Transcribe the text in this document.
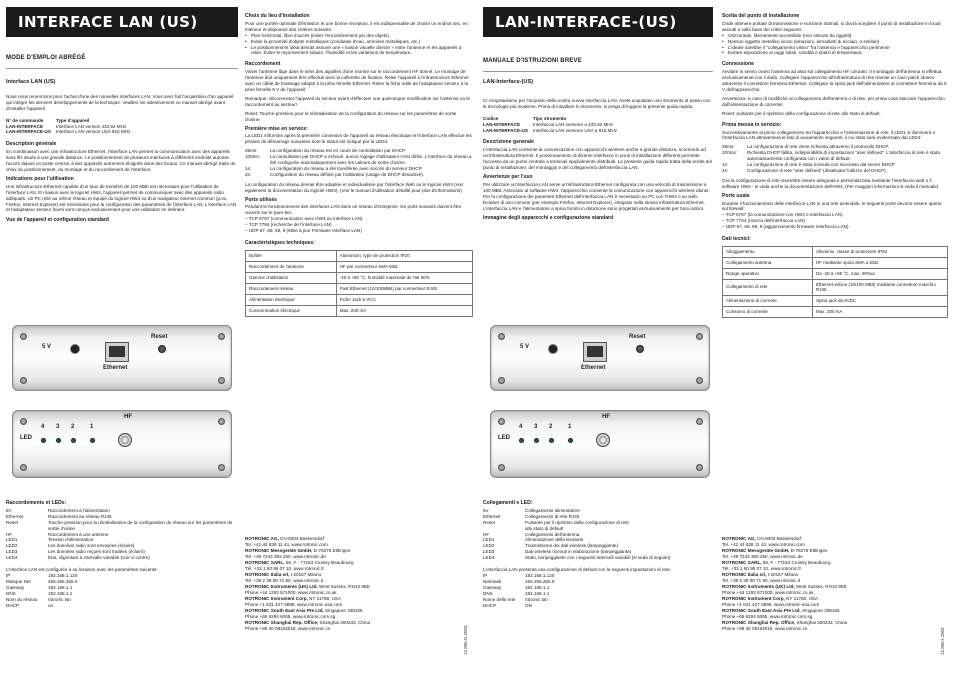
INTERFACE LAN (US)
MODE D'EMPLOI ABRÉGÉ
Interface LAN (US)

Nous nous remercions pour l'achat d'une des nouvelles interfaces LAN. Vous avez fait l'acquisition d'un appareil qui intègre les derniers développements de la technique. Veuillez lire attentivement ce manuel abrégé avant d'installer l'appareil.

N° de commande	Type d'appareil
LAN-INTERFACE	Interface LAN version 433,92 MHz
LAN-INTERFACE-US	Interface LAN version USA 915 MHz
Description générale

En combinaison avec une infrastructure Ethernet, l'interface LAN permet la communication avec des appareils sans fils situés à une grande distance. Le positionnement de plusieurs interfaces à différents endroits autorise l'accès depuis un poste central, à des appareils autrement éloignés dans des locaux. Ce manuel abrégé traite du choix du positionnement, du montage et du raccordement de l'interface.

Indications pour l'utilisation

Une infrastructure Ethernet capable d'un taux de transfert de 100 MBit est nécessaire pour l'utilisation de l'interface LAN. En liaison avec le logiciel HW4, l'appareil permet de communiquer avec des appareils radio adéquats. Un PC relié au même réseau et équipé du logiciel HW4 ou d'un navigateur Internet commun (p.ex. Firefox, Internet Explorer) est nécessaire pour la configuration des paramètres de l'interface LAN. L'interface LAN et l'adaptateur secteur fourni sont conçus exclusivement pour une utilisation en intérieur.

Vue de l'appareil et configuration standard
5 V
Ethernet
Reset
HF
4 3 2	1
LED
Raccordements et LEDs:
5V	Raccordement à l'alimentation
Ethernet	Raccordement au réseau RJ45
Reset	Touche-pression pour la réinitialisation de la configuration du réseau sur les paramètres de sortie d'usine
HF	Raccordement à une antenne
LED1	Tension d'alimentation
LED2	Les données radio sont envoyées (éclairs)
LED3	Les données radio reçues sont traitées (éclairs)
LED4	État, clignotant à intervalle variable (voir ci-contre)

L'interface LAN est configurée à sa livraison avec les paramètres suivants:

IP	192.168.1.120
Masque Net	255.255.255.0
Gateway	192.168.1.1
DNS	192.168.1.1
Nom du réseau	rotronic lan
DHCP	on
Choix du lieu d'installation

Pour une portée optimale d'émission et une bonne réception, il est indispensable de choisir un endroit sec, en intérieur et disposant des critères suivants:

• Plan horizontal, libre d'accès (éviter l'encombrement par des objets)
• Éviter la proximité d'objets métalliques (conduites d'eau, armoires métalliques, etc.)
• Le positionnement idéal devrait assurer une « liaison visuelle directe » entre l'antenne et les appareils à relier. Éviter le rayonnement solaire, l'humidité et les variations de température.
Raccordement

Visser l'antenne lâge dans le sens des aiguilles d'une montre sur le raccordement HF donné. Le montage de l'antenne doit uniquement être effectué avec la collerette de fixation. Relier l'appareil à l'infrastructure Ethernet avec un câble de brassage adapté à la prise femelle Ethernet. Relier la fiche mâle de l'adaptateur secteur à la prise femelle 5 V de l'appareil.

Remarque: déconnecter l'appareil du secteur avant d'effectuer une quelconque modification sur l'antenne ou le raccordement au secteur!

Reset: Touche-pression pour la réinitialisation de la configuration du réseau sur les paramètres de sortie d'usine.

Première mise en service:

La LED1 s'illumine après la première connexion de l'appareil au réseau électrique et l'interface LAN effectue les phases de démarrage suivantes dont le statut est indiqué par la LED4:

25ms:	La configuration du réseau est en cours de consultation par DHCP.
100ms:	La consultation par DHCP a échoué, aucun réglage d'utilisateur n'est défini. L'interface du réseau a été configurée automatiquement avec les valeurs de sortie d'usine.
1s:	La configuration du réseau a été transférée avec succès du serveur DHCP.
2s:	Configuration du réseau définie par l'utilisateur (usage de DHCP désactivé).

La configuration du réseau devrait être adaptée et individualisée par l'interface Web ou le logiciel HW4 (voir également la documentation du logiciel HW4). (Voir le manuel d'utilisation détaillé pour plus d'informations)

Ports utilisés

Pendant le fonctionnement des interfaces LAN dans un réseau d'entreprise, les ports suivants doivent être ouverts sur le pare-feu:

– TCP 6767 (communication avec HW4 ou interface LAN)
– TCP 7784 (recherche de l'interface LAN)
– UDP 67, 68, 69, 9 (Mise à jour Firmware Interface LAN)
Caractéristiques techniques:
Boîtier	Aluminium, type de protection IP20
Raccordement de l'antenne	HF par connecteur SMA 50Ω
Gamme d'utilisation	-20 à +85 °C, humidité maximale de l'air 90%
Raccordement réseau	Fast Ethernet (10/100MBit) par connecteur RJ45
Alimentation électrique	Fiche Jack 5 VCC
Consommation électrique	Max. 200 mA
ROTRONIC AG, CH-8303 Bassersdorf
Tel. +41 44 838 11 44, www.rotronic.com
ROTRONIC Messgeräte GmbH, D-76275 Ettlingen
Tel. +49 7243 383 250, www.rotronic.de
ROTRONIC SARL, 56, F - 77183 Croissy Beaubourg
Tél. +33 1 60 95 07 10, www.rotronic.fr
ROTRONIC Italia srl, I-20157 Milano
Tel. +39 2 39 00 71 90, www.rotronic.it
ROTRONIC Instruments (UK) Ltd, West Sussex, RH10 9EE
Phone +44 1293 571000, www.rotronic.co.uk
ROTRONIC Instrument Corp, NY 11788, USA
Phone +1 631 427-3898, www.rotronic-usa.com
ROTRONIC South East Asia Pte Ltd, Singapore 339156
Phone +65 6294 6065, www.rotronic.com.sg
ROTRONIC Shanghai Rep. Office, Shanghai 200233, China
Phone +86 40 08162018, www.rotronic.cn	12.800.D.2003
LAN-INTERFACE-(US)
MANUALE D'ISTRUZIONI BREVE
LAN-Interface-(US)

Ci congratuliamo per l'acquisto della vostra nuova interfaccia LAN. Avete acquistato uno strumento al passo con le tecnologie più moderne. Prima di installare lo strumento, si prega di leggere la presente guida rapida.

Codice	Tipo strumento
LAN-INTERFACE	Interfaccia LAN versione a 433,92 MHz
LAN-INTERFACE-US	Interfaccia LAN versione USA a 915 MHz
Descrizione generale

L'interfaccia LAN consente la comunicazione con apparecchi wireless anche a grande distanza, ricorrendo ad un'infrastruttura Ethernet. Il posizionamento di diverse interfacce in punti di installazione differenti permette l'accesso da un punto centrale a terminali spazialmente distribuiti. La presente guida rapida tratta della scelta del punto di installazione, del montaggio e del collegamento dell'interfaccia LAN.

Avvertenze per l'uso

Per utilizzare un'interfaccia LAN serve un'infrastruttura Ethernet configurata con una velocità di trasmissione a 100 MBit. Associato al software HW4, l'apparecchio consente la comunicazione con apparecchi wireless idonei. Per la configurazione dei parametri Ethernet dell'interfaccia LAN è necessario un PC con l'HW4 o un web-browser di uso comune (per esempio Firefox, Internet Explorer), integrato nella stessa infrastruttura Ethernet. L'interfaccia LAN e l'alimentatore a spina fornito in dotazione sono progettati esclusivamente per l'uso indoor.

Immagine degli apparecchi e configurazione standard
5 V
Ethernet
Reset
HF
4 3 2	1
LED
Collegamenti e LED:
5V	Collegamento alimentatore
Ethernet	Collegamento di rete RJ45
Reset	Pulsante per il ripristino della configurazione di rete allo stato di default
HF	Collegamento dell'antenna
LED1	Alimentazione della tensione
LED2	Trasmissione dei dati wireless (lampeggiante)
LED3	Dati wireless ricevuti in elaborazione (lampeggiante)
LED4	Stato, lampeggiante con i seguenti intervalli variabili (si veda di seguito)

L'interfaccia LAN presenta una configurazione di default con le seguenti impostazioni di rete:

IP	192.168.1.120
Netmask	255.255.255.0
Gateway	192.168.1.1
DNS	192.168.1.1
Nome della rete	rotronic lan
DHCP	ON
Scelta del punto di installazione

Onde ottenere portate di trasmissione e ricezione ottimali, si dovrà scegliere il punto di installazione in locali asciutti e sulla base dei criteri seguenti:

• Orizzontale, liberamente accessibile (non ostruito da oggetti)
• Nessun oggetto metallico vicino (tubazioni, armadietti di acciaio, o similari)
• L'ideale sarebbe il "collegamento visivo" fra l'antenna e l'apparecchio pertinente
• Evitare esposizione ai raggi solari, umidità e sbalzi di temperatura
Connessione

Avvitare in senso orario l'antenna ad asta sul collegamento HF colorato. Il montaggio dell'antenna si effettua esclusivamente con il dado. Collegare l'apparecchio all'infrastruttura di rete tramite un cavo patch idoneo attraverso il connettore femmina Ethernet. Collegare la spina jack dell'alimentatore al connettore femmina da 5 V dell'apparecchio.

Avvertenza: in caso di modifiche al collegamento dell'antenna o di rete, per prima cosa staccare l'apparecchio dall'alimentazione di corrente!

Reset: pulsante per il ripristino della configurazione di rete allo stato di default.

Prima messa in servizio:

Successivamente al primo collegamento tra l'apparecchio e l'alimentazione di rete, il LED1 si illuminerà e l'interfaccia LAN attraverserà le fasi di avviamento seguenti, il cui stato sarà evidenziato dal LED4:

25ms:	La configurazione di rete viene richiesta attraverso il protocollo DHCP.
100ms:	Richiesta DHCP fallita, indisponibilità di impostazioni "user defined". L'interfaccia di rete è stata automaticamente configurata con i valori di default.
1s:	La configurazione di rete è stata ricevuta con successo dal server DHCP.
2s:	Configurazione di rete "user defined" (disattivato l'utilizzo del DHCP).

Ora la configurazione di rete dovrebbe essere adeguata e personalizzata mediante l'interfaccia web o il software HW4 - si veda anche la documentazione dell'HW4. (Per maggiori informazioni si veda il manuale)

Porte usate

Durante il funzionamento delle interfacce LAN in una rete aziendale, le seguenti porte devono essere aperte sul firewall:

– TCP 6767 (la comunicazione con HW4 e interfaccia LAN)
– TCP 7784 (ricerca dell'interfaccia LAN)
– UDP 67, 68, 69, 9 (aggiornamento firmware interfaccia LAN)
Dati tecnici:
Alloggiamento	Alluminio, classe di protezione IP20
Collegamento antenna	HF mediante spina SMA a 50Ω
Range operativo	Da -20 a +85 °C, max. 90%ur
Collegamento di rete	Ethernet veloce (10/100 MBit) mediante connettore maschio RJ45
Alimentazione di corrente	Spina jack da 5VDC
Consumo di corrente	Max. 200 mA
ROTRONIC AG, CH-8303 Bassersdorf
Tel. +41 44 838 11 44, www.rotronic.com
ROTRONIC Messgeräte GmbH, D-76275 Ettlingen
Tel. +49 7243 383 250, www.rotronic.de
ROTRONIC SARL, 56, F - 77183 Croissy Beaubourg
Tél. +33 1 60 95 07 10, www.rotronic.fr
ROTRONIC Italia srl, I-20157 Milano
Tel. +39 2 39 00 71 90, www.rotronic.it
ROTRONIC Instruments (UK) Ltd, West Sussex, RH10 9EE
Phone +44 1293 571000, www.rotronic.co.uk
ROTRONIC Instrument Corp, NY 11788, USA
Phone +1 631 427-3898, www.rotronic-usa.com
ROTRONIC South East Asia Pte Ltd, Singapore 339156
Phone +65 6294 6065, www.rotronic.com.sg
ROTRONIC Shanghai Rep. Office, Shanghai 200233, China
Phone +86 40 08162018, www.rotronic.cn	12.800.I.2003
